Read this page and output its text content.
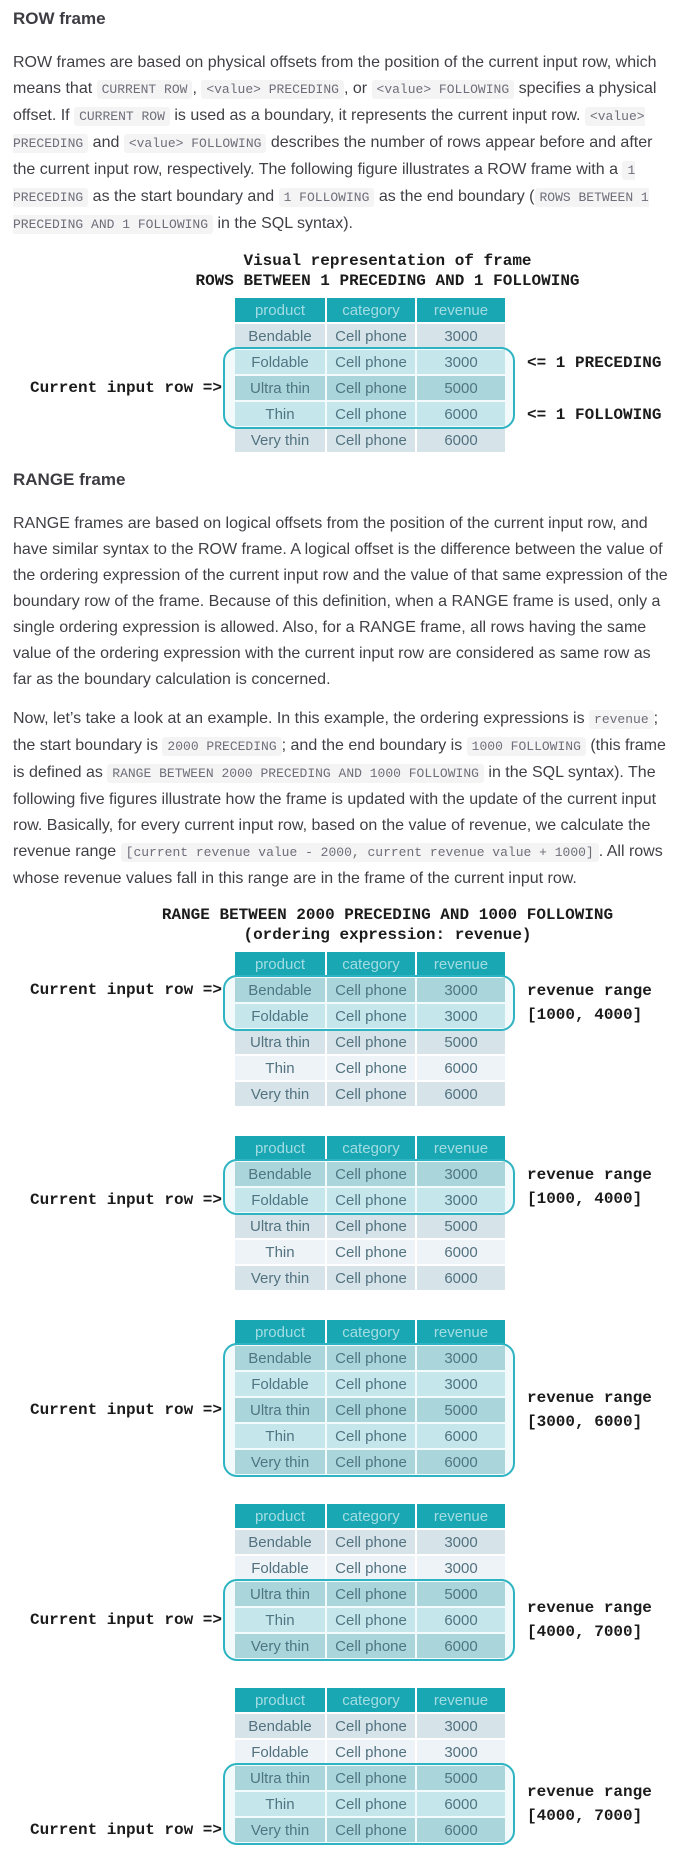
ROW frame

ROW frames are based on physical offsets from the position of the current input row, which means that CURRENT ROW , <value> PRECEDING , or <value> FOLLOWING specifies a physical offset. If CURRENT ROW is used as a boundary, it represents the current input row. <value> PRECEDING and <value> FOLLOWING describes the number of rows appear before and after the current input row, respectively. The following figure illustrates a ROW frame with a 1 PRECEDING as the start boundary and 1 FOLLOWING as the end boundary ( ROWS BETWEEN 1 PRECEDING AND 1 FOLLOWING in the SQL syntax).

Visual representation of frame
ROWS BETWEEN 1 PRECEDING AND 1 FOLLOWING
Current input row =>
product	category	revenue
Bendable	Cell phone	3000
Foldable	Cell phone	3000
Ultra thin	Cell phone	5000
Thin	Cell phone	6000
Very thin	Cell phone	6000
<= 1 PRECEDING
<= 1 FOLLOWING
RANGE frame

RANGE frames are based on logical offsets from the position of the current input row, and have similar syntax to the ROW frame. A logical offset is the difference between the value of the ordering expression of the current input row and the value of that same expression of the boundary row of the frame. Because of this definition, when a RANGE frame is used, only a single ordering expression is allowed. Also, for a RANGE frame, all rows having the same value of the ordering expression with the current input row are considered as same row as far as the boundary calculation is concerned.

Now, let’s take a look at an example. In this example, the ordering expressions is revenue ; the start boundary is 2000 PRECEDING ; and the end boundary is 1000 FOLLOWING (this frame is defined as RANGE BETWEEN 2000 PRECEDING AND 1000 FOLLOWING in the SQL syntax). The following five figures illustrate how the frame is updated with the update of the current input row. Basically, for every current input row, based on the value of revenue, we calculate the revenue range [current revenue value - 2000, current revenue value + 1000] . All rows whose revenue values fall in this range are in the frame of the current input row.

RANGE BETWEEN 2000 PRECEDING AND 1000 FOLLOWING
(ordering expression: revenue)
Current input row =>
product	category	revenue
Bendable	Cell phone	3000
Foldable	Cell phone	3000
Ultra thin	Cell phone	5000
Thin	Cell phone	6000
Very thin	Cell phone	6000
revenue range
[1000, 4000]
Current input row =>
product	category	revenue
Bendable	Cell phone	3000
Foldable	Cell phone	3000
Ultra thin	Cell phone	5000
Thin	Cell phone	6000
Very thin	Cell phone	6000
revenue range
[1000, 4000]
Current input row =>
product	category	revenue
Bendable	Cell phone	3000
Foldable	Cell phone	3000
Ultra thin	Cell phone	5000
Thin	Cell phone	6000
Very thin	Cell phone	6000
revenue range
[3000, 6000]
Current input row =>
product	category	revenue
Bendable	Cell phone	3000
Foldable	Cell phone	3000
Ultra thin	Cell phone	5000
Thin	Cell phone	6000
Very thin	Cell phone	6000
revenue range
[4000, 7000]
Current input row =>
product	category	revenue
Bendable	Cell phone	3000
Foldable	Cell phone	3000
Ultra thin	Cell phone	5000
Thin	Cell phone	6000
Very thin	Cell phone	6000
revenue range
[4000, 7000]
